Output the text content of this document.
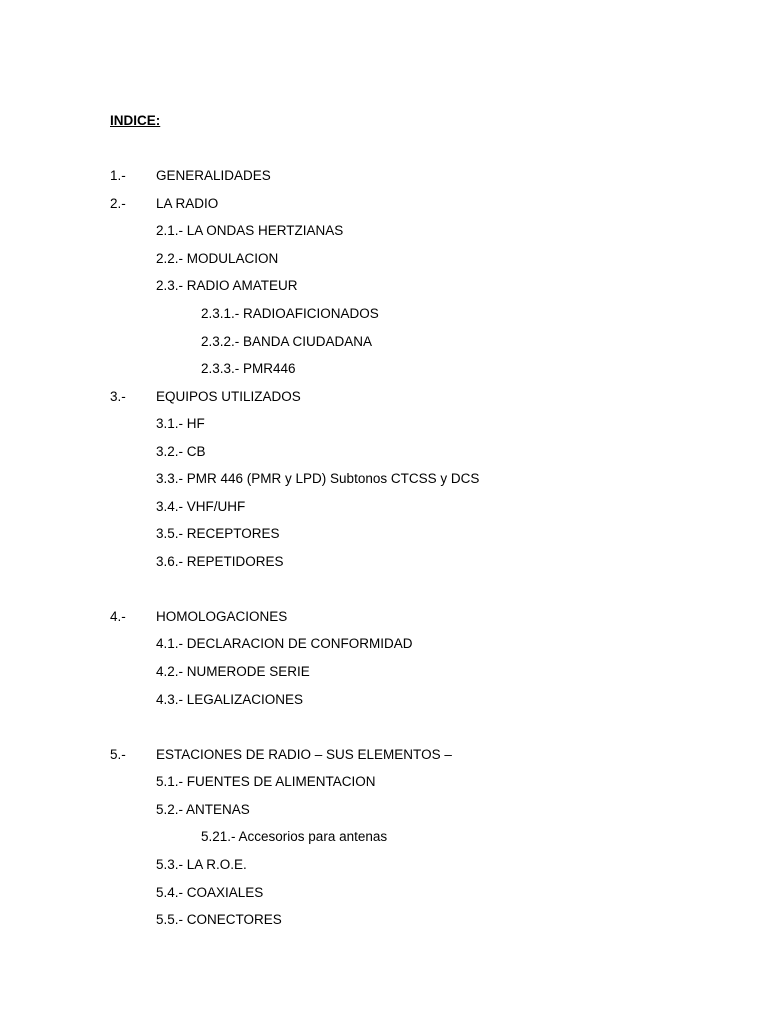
INDICE:
1.- GENERALIDADES
2.- LA RADIO
2.1.- LA ONDAS HERTZIANAS
2.2.- MODULACION
2.3.- RADIO AMATEUR
2.3.1.- RADIOAFICIONADOS
2.3.2.- BANDA CIUDADANA
2.3.3.- PMR446
3.- EQUIPOS UTILIZADOS
3.1.- HF
3.2.- CB
3.3.- PMR 446 (PMR y LPD) Subtonos CTCSS y DCS
3.4.- VHF/UHF
3.5.- RECEPTORES
3.6.- REPETIDORES
4.- HOMOLOGACIONES
4.1.- DECLARACION DE CONFORMIDAD
4.2.- NUMERODE SERIE
4.3.- LEGALIZACIONES
5.- ESTACIONES DE RADIO – SUS ELEMENTOS –
5.1.- FUENTES DE ALIMENTACION
5.2.- ANTENAS
5.21.- Accesorios para antenas
5.3.- LA R.O.E.
5.4.- COAXIALES
5.5.- CONECTORES
